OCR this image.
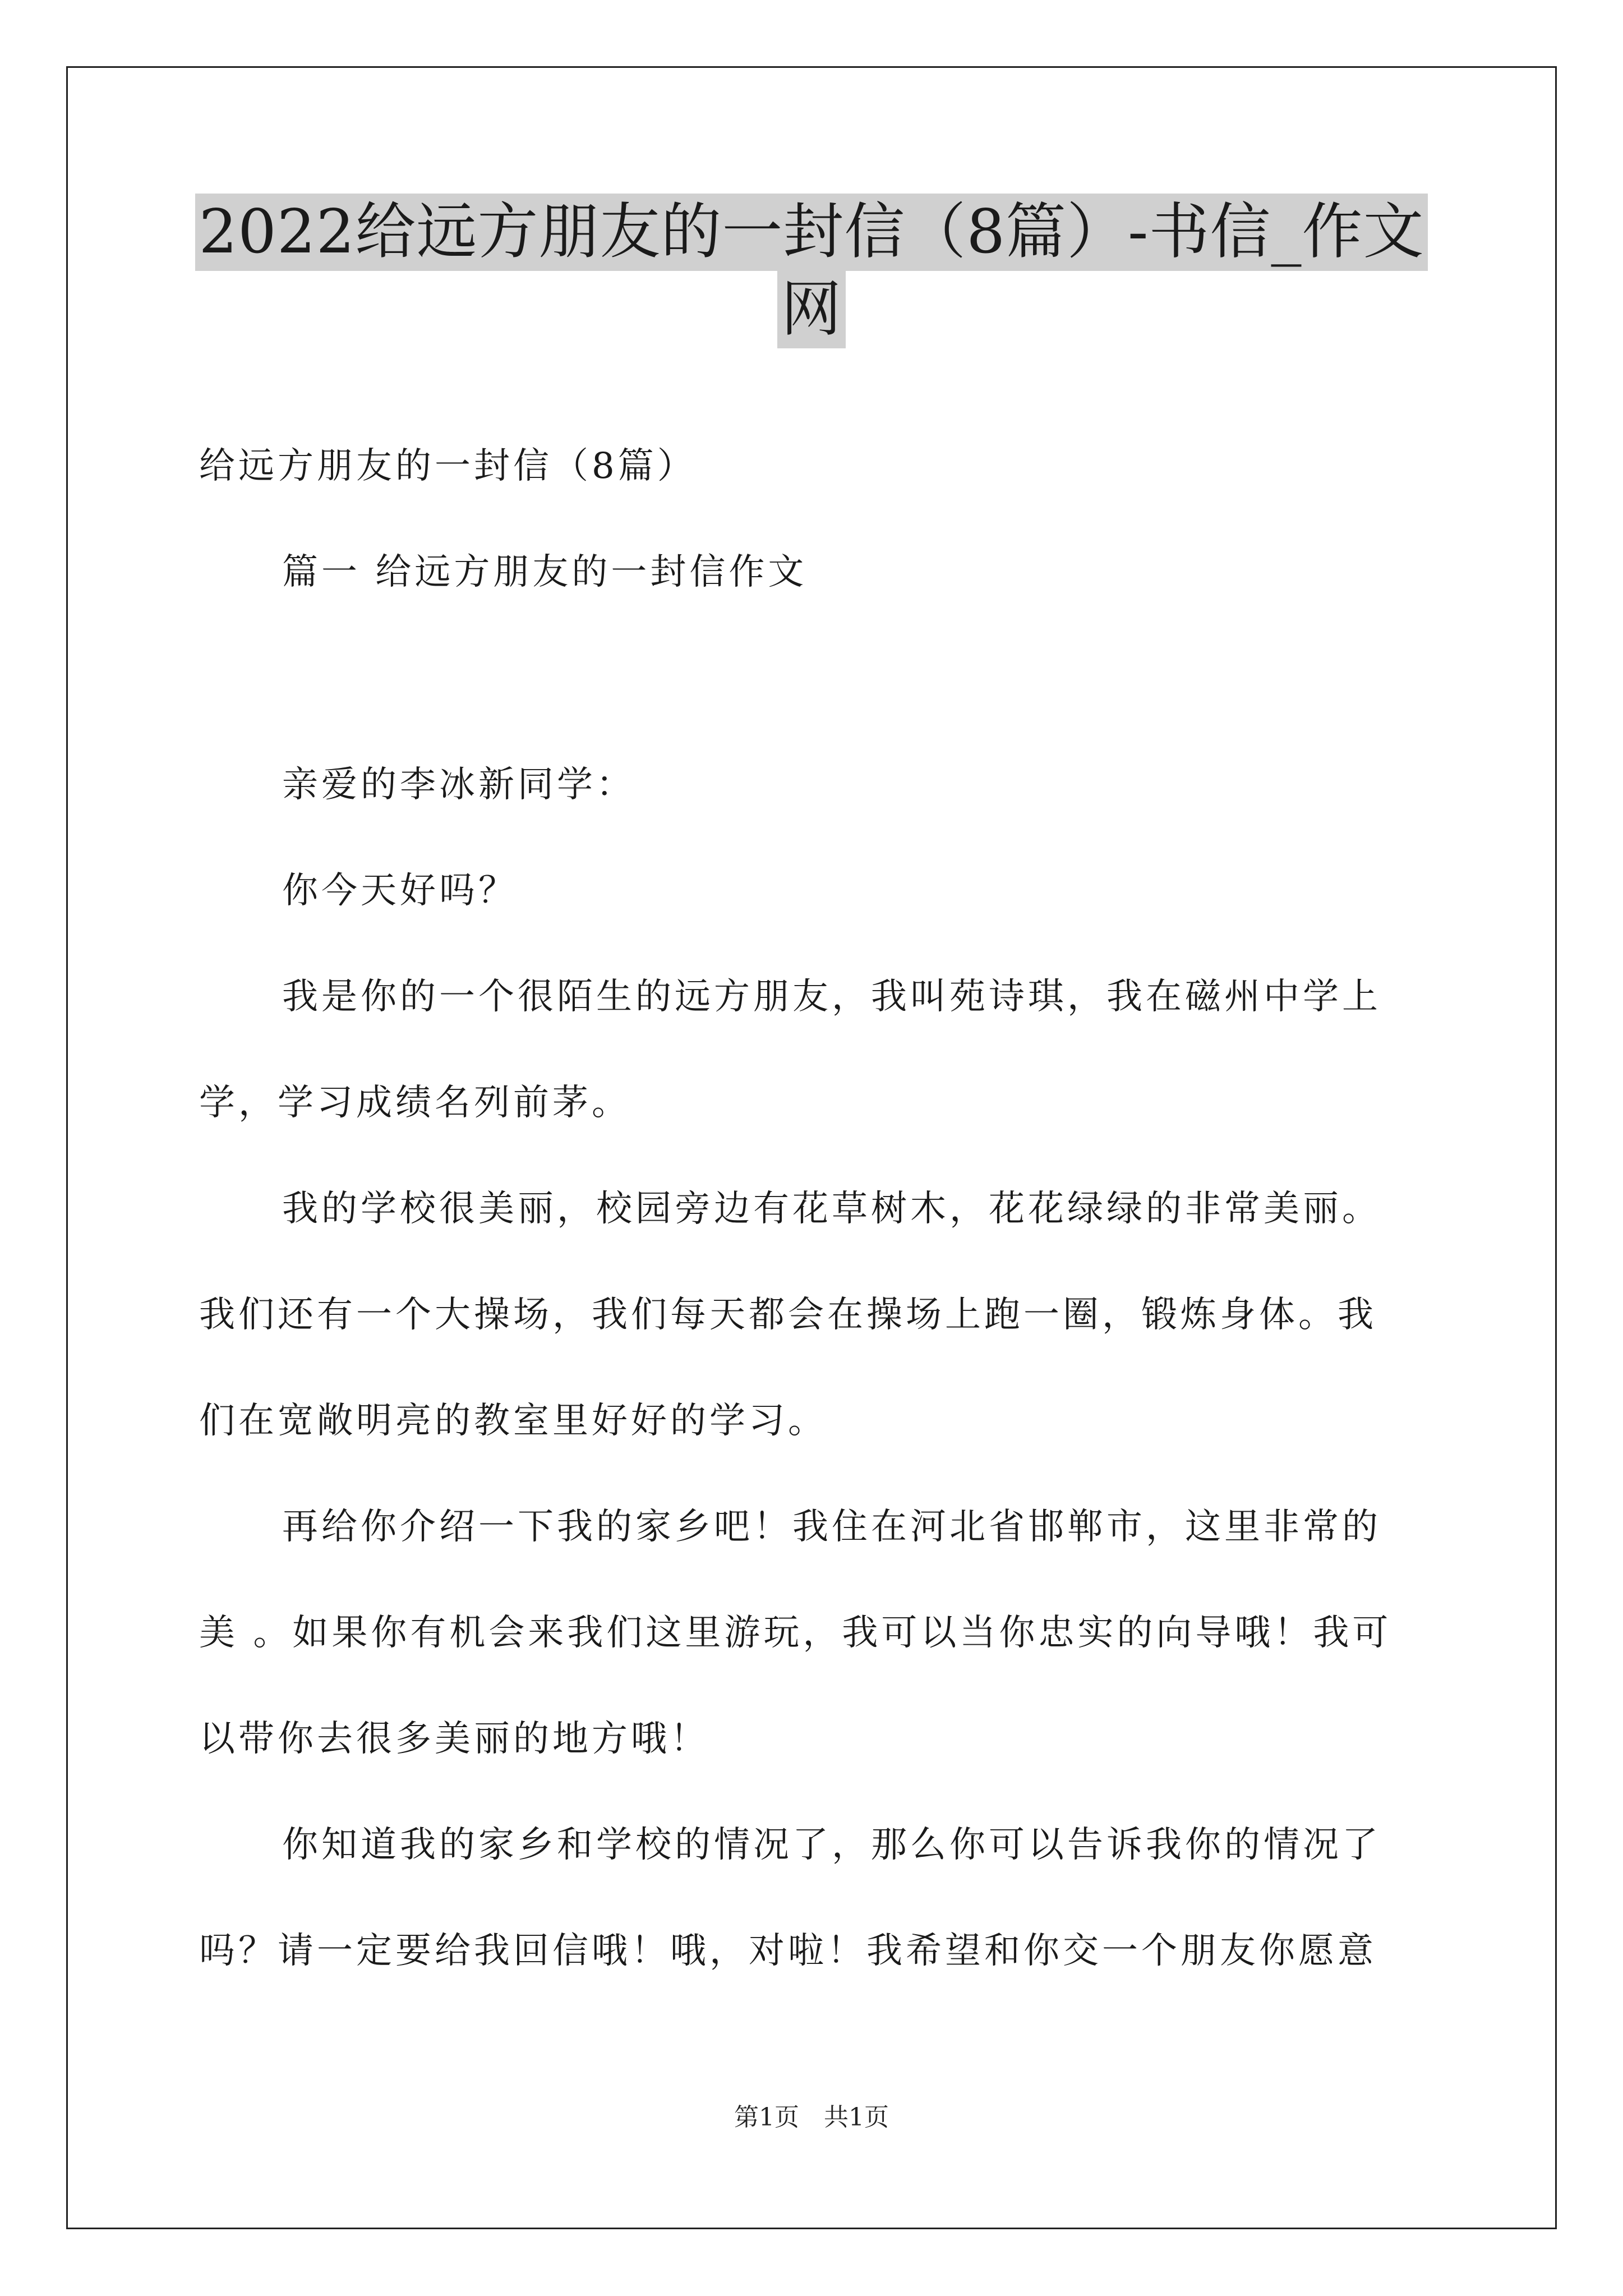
2022给远方朋友的一封信（8篇）-书信_作文
网
给远方朋友的一封信（8篇）
篇一 给远方朋友的一封信作文
亲爱的李冰新同学：
你今天好吗？
我是你的一个很陌生的远方朋友，我叫苑诗琪，我在磁州中学上
学，学习成绩名列前茅。
我的学校很美丽，校园旁边有花草树木，花花绿绿的非常美丽。
我们还有一个大操场，我们每天都会在操场上跑一圈，锻炼身体。我
们在宽敞明亮的教室里好好的学习。
再给你介绍一下我的家乡吧！我住在河北省邯郸市，这里非常的
美 。如果你有机会来我们这里游玩，我可以当你忠实的向导哦！我可
以带你去很多美丽的地方哦！
你知道我的家乡和学校的情况了，那么你可以告诉我你的情况了
吗？请一定要给我回信哦！哦，对啦！我希望和你交一个朋友你愿意
第1页　共1页
